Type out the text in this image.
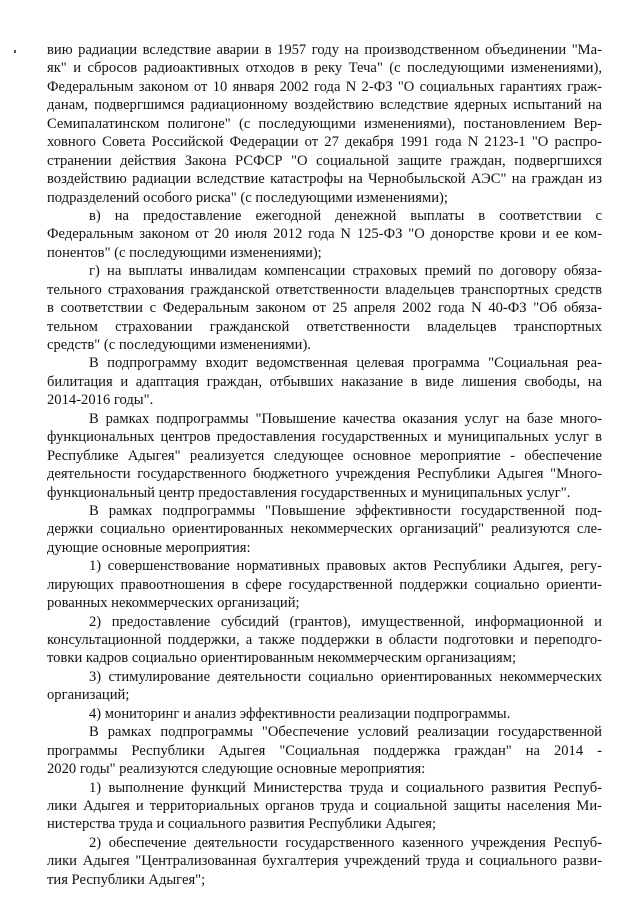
вию радиации вследствие аварии в 1957 году на производственном объединении "Ма-
як" и сбросов радиоактивных отходов в реку Теча" (с последующими изменениями),
Федеральным законом от 10 января 2002 года N 2-ФЗ "О социальных гарантиях граж-
данам, подвергшимся радиационному воздействию вследствие ядерных испытаний на
Семипалатинском полигоне" (с последующими изменениями), постановлением Вер-
ховного Совета Российской Федерации от 27 декабря 1991 года N 2123-1 "О распро-
странении действия Закона РСФСР "О социальной защите граждан, подвергшихся
воздействию радиации вследствие катастрофы на Чернобыльской АЭС" на граждан из
подразделений особого риска" (с последующими изменениями);
в) на предоставление ежегодной денежной выплаты в соответствии с
Федеральным законом от 20 июля 2012 года N 125-ФЗ "О донорстве крови и ее ком-
понентов" (с последующими изменениями);
г) на выплаты инвалидам компенсации страховых премий по договору обяза-
тельного страхования гражданской ответственности владельцев транспортных средств
в соответствии с Федеральным законом от 25 апреля 2002 года N 40-ФЗ "Об обяза-
тельном страховании гражданской ответственности владельцев транспортных
средств" (с последующими изменениями).
В подпрограмму входит ведомственная целевая программа "Социальная реа-
билитация и адаптация граждан, отбывших наказание в виде лишения свободы, на
2014-2016 годы".
В рамках подпрограммы "Повышение качества оказания услуг на базе много-
функциональных центров предоставления государственных и муниципальных услуг в
Республике Адыгея" реализуется следующее основное мероприятие - обеспечение
деятельности государственного бюджетного учреждения Республики Адыгея "Много-
функциональный центр предоставления государственных и муниципальных услуг".
В рамках подпрограммы "Повышение эффективности государственной под-
держки социально ориентированных некоммерческих организаций" реализуются сле-
дующие основные мероприятия:
1) совершенствование нормативных правовых актов Республики Адыгея, регу-
лирующих правоотношения в сфере государственной поддержки социально ориенти-
рованных некоммерческих организаций;
2) предоставление субсидий (грантов), имущественной, информационной и
консультационной поддержки, а также поддержки в области подготовки и переподго-
товки кадров социально ориентированным некоммерческим организациям;
3) стимулирование деятельности социально ориентированных некоммерческих
организаций;
4) мониторинг и анализ эффективности реализации подпрограммы.
В рамках подпрограммы "Обеспечение условий реализации государственной
программы Республики Адыгея "Социальная поддержка граждан" на 2014 -
2020 годы" реализуются следующие основные мероприятия:
1) выполнение функций Министерства труда и социального развития Респуб-
лики Адыгея и территориальных органов труда и социальной защиты населения Ми-
нистерства труда и социального развития Республики Адыгея;
2) обеспечение деятельности государственного казенного учреждения Респуб-
лики Адыгея "Централизованная бухгалтерия учреждений труда и социального разви-
тия Республики Адыгея";
